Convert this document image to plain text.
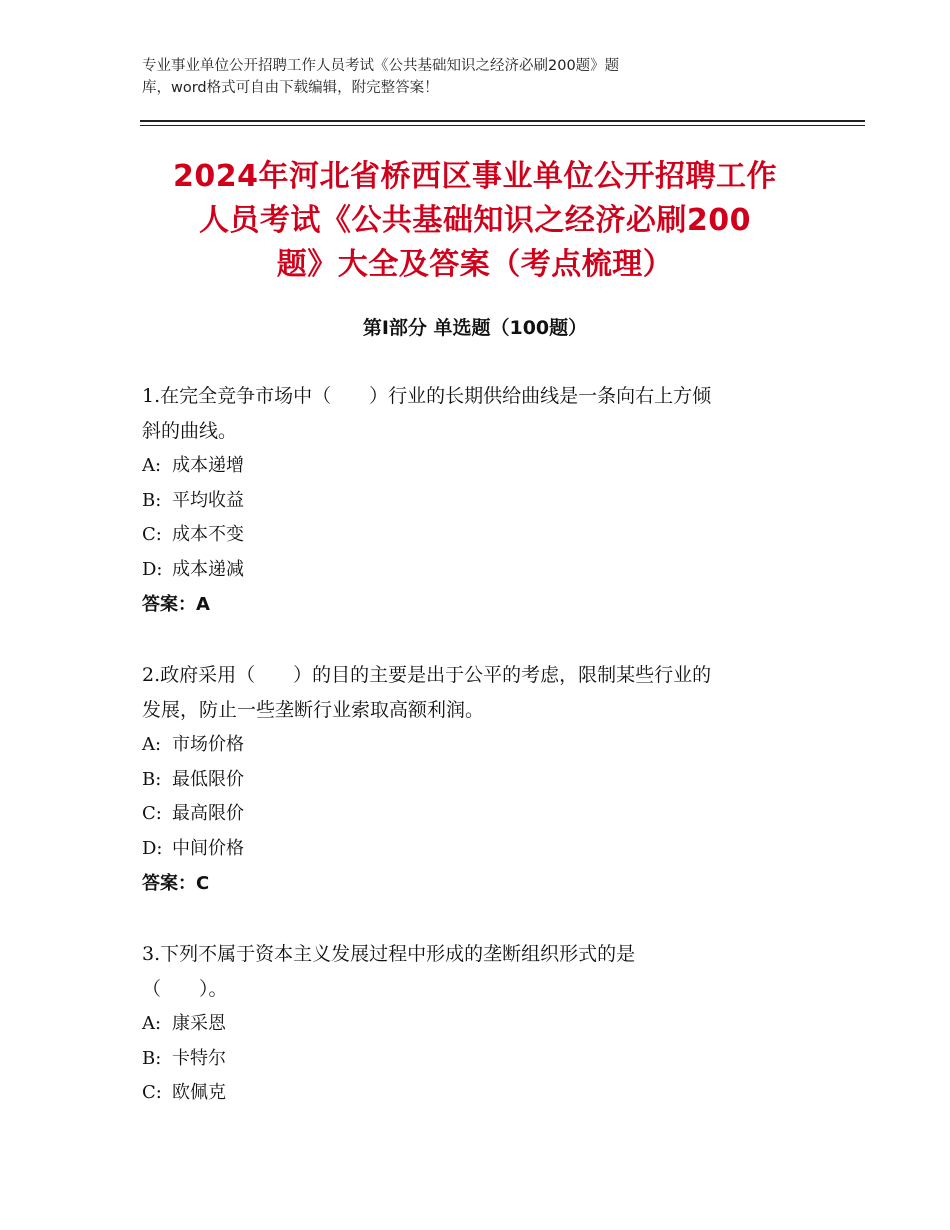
专业事业单位公开招聘工作人员考试《公共基础知识之经济必刷200题》题
库，word格式可自由下载编辑，附完整答案！
2024年河北省桥西区事业单位公开招聘工作
人员考试《公共基础知识之经济必刷200
题》大全及答案（考点梳理）
第Ⅰ部分 单选题（100题）
1.在完全竞争市场中（　　）行业的长期供给曲线是一条向右上方倾
斜的曲线。
A: 成本递增
B: 平均收益
C: 成本不变
D: 成本递减
答案：A
2.政府采用（　　）的目的主要是出于公平的考虑，限制某些行业的
发展，防止一些垄断行业索取高额利润。
A: 市场价格
B: 最低限价
C: 最高限价
D: 中间价格
答案：C
3.下列不属于资本主义发展过程中形成的垄断组织形式的是
（　　）。
A: 康采恩
B: 卡特尔
C: 欧佩克
